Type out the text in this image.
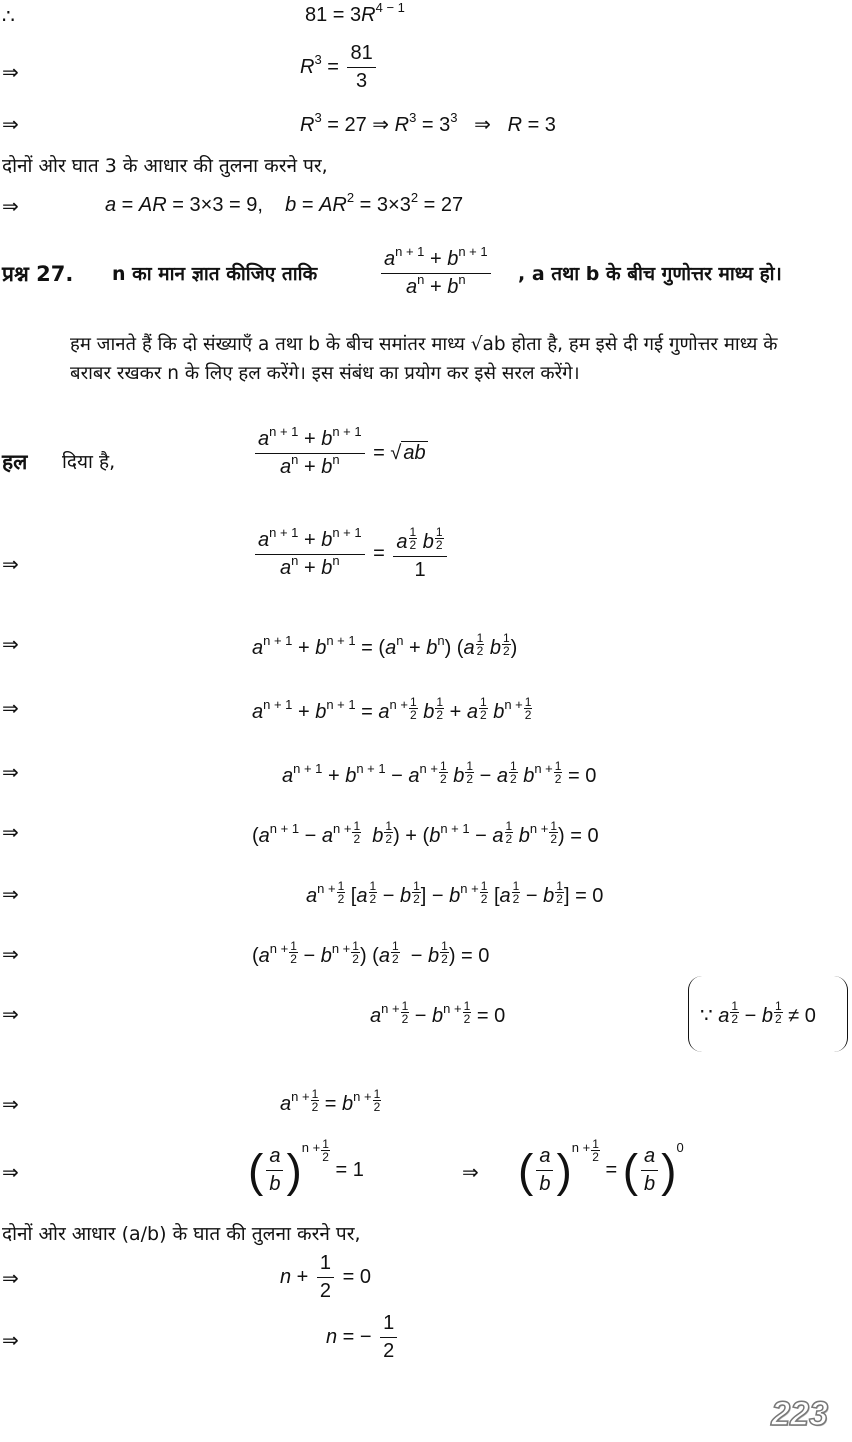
∴	$81 = 3R^{4 - 1}$
⇒	$R^3 = \frac{81}{3}$
⇒	$R^3 = 27$ ⇒ $R^3 = 3^3$   ⇒   R = 3
दोनों ओर घात 3 के आधार की तुलना करने पर,
⇒	a = AR = 3×3 = 9,    $b = AR^2 = 3\times 3^2 = 27$
प्रश्न 27. n का मान ज्ञात कीजिए ताकि	$\frac{a^{n + 1} + b^{n + 1}}{a^n + b^n}$ , a तथा b के बीच गुणोत्तर माध्य हो।
हम जानते हैं कि दो संख्याएँ a तथा b के बीच समांतर माध्य √ab होता है, हम इसे दी गई गुणोत्तर माध्य के बराबर रखकर n के लिए हल करेंगे। इस संबंध का प्रयोग कर इसे सरल करेंगे।
हल दिया है,	$\frac{a^{n + 1} + b^{n + 1}}{a^n + b^n}$ = √ ab
⇒	$\frac{a^{n + 1} + b^{n + 1}}{a^n + b^n} = \frac{a \frac{1}{2} b \frac{1}{2}}{1}$
⇒	$a^{n + 1} + b^{n + 1} = (a^n + b^n)$ ($a \frac{1}{2}$ b $\frac{1}{2}$ )
⇒	$a^{n + 1} + b^{n + 1} = a^{n +} \frac{1}{2}$ b $\frac{1}{2} + a \frac{1}{2} b^{n +} \frac{1}{2}$
⇒	$a^{n + 1} + b^{n + 1} - a^{n +} \frac{1}{2}$ b $\frac{1}{2} - a \frac{1}{2} b^{n +} \frac{1}{2} = 0$
⇒	($a^{n + 1} - a^{n +} \frac{1}{2}$ b $\frac{1}{2}$ ) + ($b^{n + 1} - a \frac{1}{2} b^{n +} \frac{1}{2}$ ) = 0
⇒	$a^{n +} \frac{1}{2} [a \frac{1}{2} - b \frac{1}{2}$ ] − $b^{n +} \frac{1}{2} [a \frac{1}{2} - b \frac{1}{2}$ ] = 0
⇒	($a^{n +} \frac{1}{2} - b^{n +} \frac{1}{2}$ ) ($a \frac{1}{2} - b \frac{1}{2}$ ) = 0
⇒	$a^{n +} \frac{1}{2} - b^{n +} \frac{1}{2} = 0$	∵ a $\frac{1}{2} - b \frac{1}{2} \ne 0$
⇒	$a^{n +} \frac{1}{2} = b^{n +} \frac{1}{2}$
⇒	( $\frac{a}{b} )^{n +} \frac{1}{2}$
= 1	⇒ ( $\frac{a}{b} )^{n +} \frac{1}{2}$
= ( $\frac{a}{b} )^0$
दोनों ओर आधार (a/b) के घात की तुलना करने पर,
⇒	$n + \frac{1}{2} = 0$
⇒	n = − $\frac{1}{2}$
223
